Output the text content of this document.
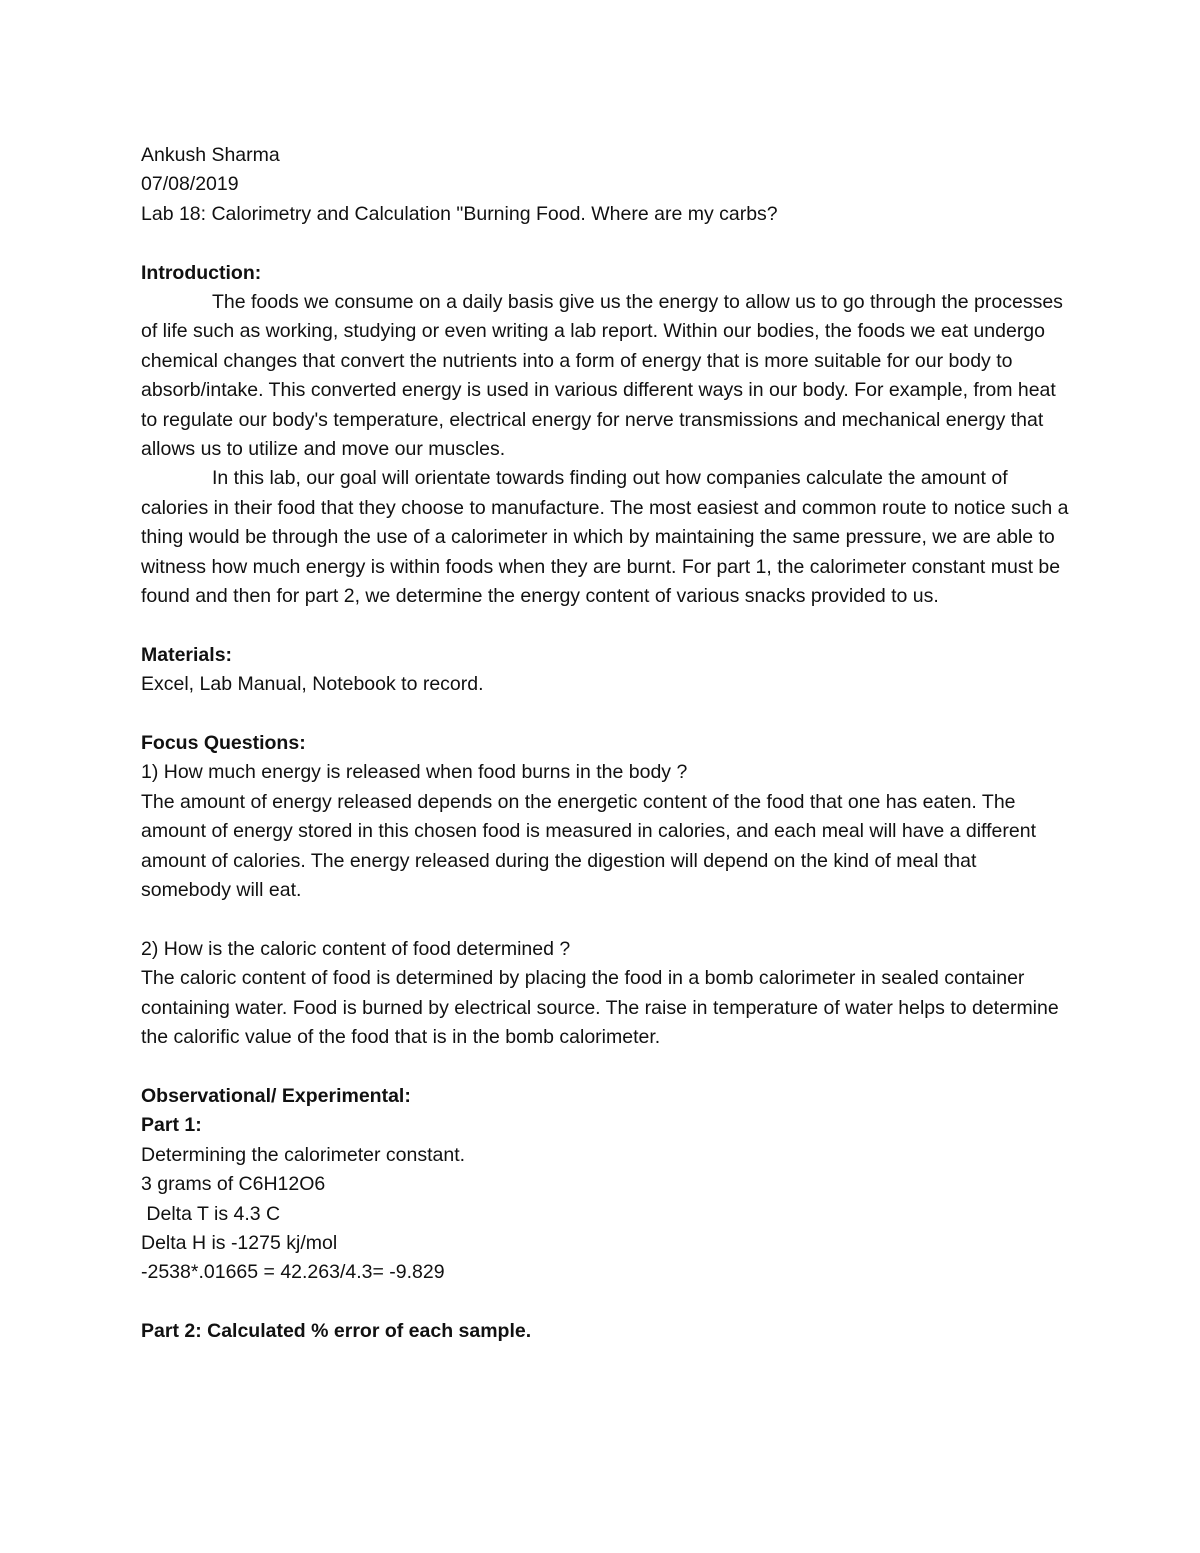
Ankush Sharma
07/08/2019
Lab 18: Calorimetry and Calculation "Burning Food. Where are my carbs?
Introduction:
The foods we consume on a daily basis give us the energy to allow us to go through the processes of life such as working, studying or even writing a lab report. Within our bodies, the foods we eat undergo chemical changes that convert the nutrients into a form of energy that is more suitable for our body to absorb/intake. This converted energy is used in various different ways in our body. For example, from heat to regulate our body's temperature, electrical energy for nerve transmissions and mechanical energy that allows us to utilize and move our muscles.
In this lab, our goal will orientate towards finding out how companies calculate the amount of calories in their food that they choose to manufacture. The most easiest and common route to notice such a thing would be through the use of a calorimeter in which by maintaining the same pressure, we are able to witness how much energy is within foods when they are burnt. For part 1, the calorimeter constant must be found and then for part 2, we determine the energy content of various snacks provided to us.
Materials:
Excel, Lab Manual, Notebook to record.
Focus Questions:
1) How much energy is released when food burns in the body ?
The amount of energy released depends on the energetic content of the food that one has eaten. The amount of energy stored in this chosen food is measured in calories, and each meal will have a different amount of calories. The energy released during the digestion will depend on the kind of meal that somebody will eat.
2) How is the caloric content of food determined ?
The caloric content of food is determined by placing the food in a bomb calorimeter in sealed container containing water. Food is burned by electrical source. The raise in temperature of water helps to determine the calorific value of the food that is in the bomb calorimeter.
Observational/ Experimental:
Part 1:
Determining the calorimeter constant.
3 grams of C6H12O6
Delta T is 4.3 C
Delta H is -1275 kj/mol
-2538*.01665 = 42.263/4.3= -9.829
Part 2: Calculated % error of each sample.
